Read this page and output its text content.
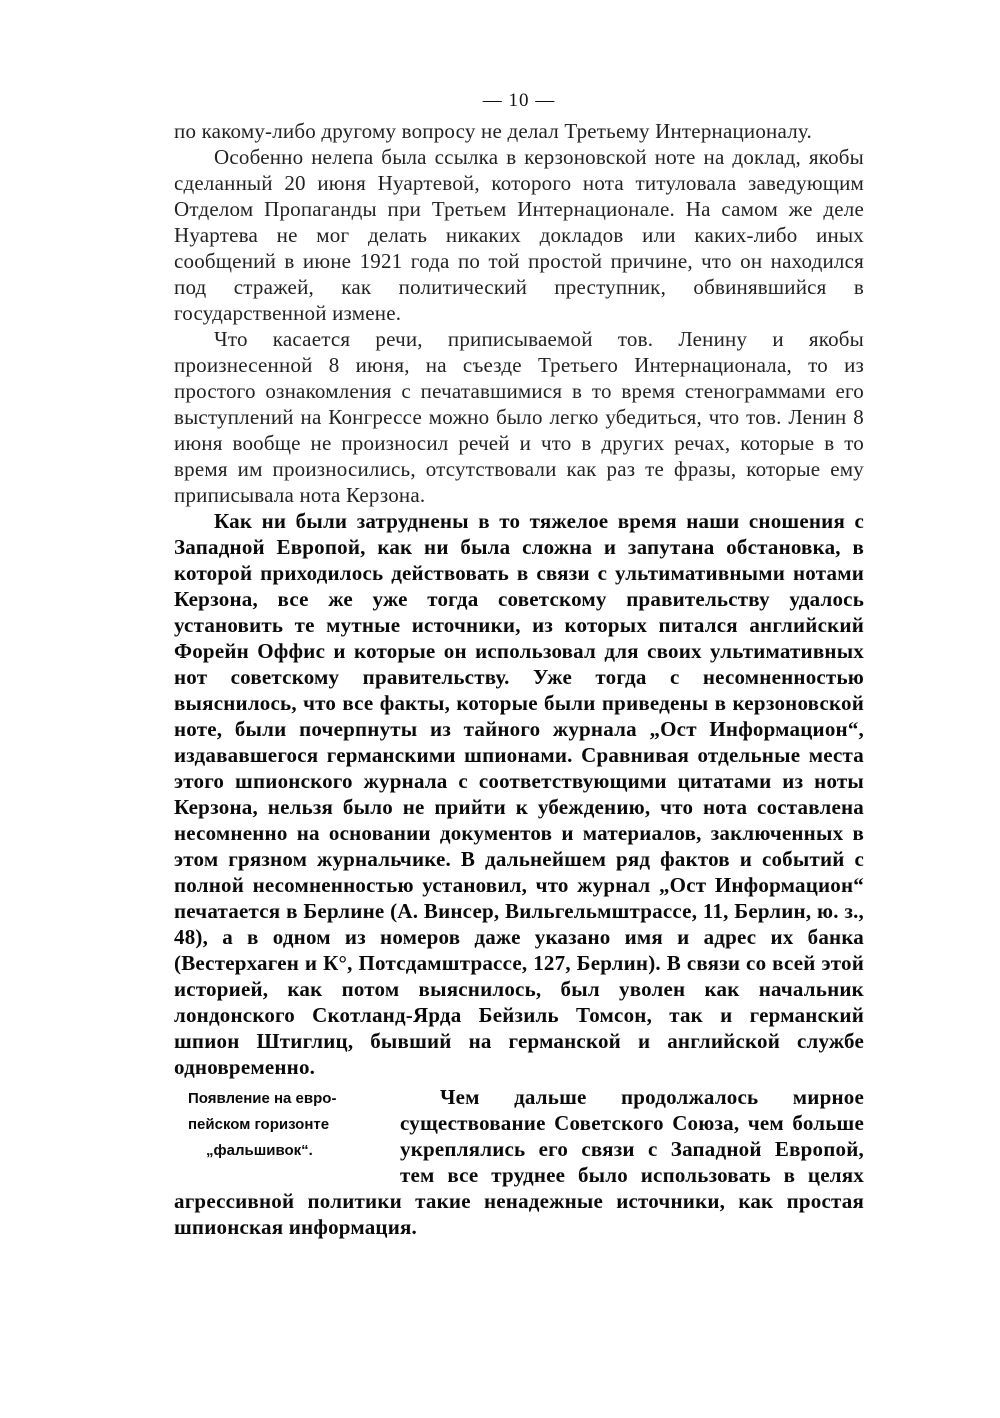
— 10 —

по какому-либо другому вопросу не делал Третьему Интернационалу.

Особенно нелепа была ссылка в керзоновской ноте на доклад, якобы сделанный 20 июня Нуартевой, которого нота титуловала заведующим Отделом Пропаганды при Третьем Интернационале. На самом же деле Нуартева не мог делать никаких докладов или каких-либо иных сообщений в июне 1921 года по той простой причине, что он находился под стражей, как политический преступник, обвинявшийся в государственной измене.

Что касается речи, приписываемой тов. Ленину и якобы произнесенной 8 июня, на съезде Третьего Интернационала, то из простого ознакомления с печатавшимися в то время стенограммами его выступлений на Конгрессе можно было легко убедиться, что тов. Ленин 8 июня вообще не произносил речей и что в других речах, которые в то время им произносились, отсутствовали как раз те фразы, которые ему приписывала нота Керзона.

Как ни были затруднены в то тяжелое время наши сношения с Западной Европой, как ни была сложна и запутана обстановка, в которой приходилось действовать в связи с ультимативными нотами Керзона, все же уже тогда советскому правительству удалось установить те мутные источники, из которых питался английский Форейн Оффис и которые он использовал для своих ультимативных нот советскому правительству. Уже тогда с несомненностью выяснилось, что все факты, которые были приведены в керзоновской ноте, были почерпнуты из тайного журнала „Ост Информацион“, издававшегося германскими шпионами. Сравнивая отдельные места этого шпионского журнала с соответствующими цитатами из ноты Керзона, нельзя было не прийти к убеждению, что нота составлена несомненно на основании документов и материалов, заключенных в этом грязном журнальчике. В дальнейшем ряд фактов и событий с полной несомненностью установил, что журнал „Ост Информацион“ печатается в Берлине (А. Винсер, Вильгельмштрассе, 11, Берлин, ю. з., 48), а в одном из номеров даже указано имя и адрес их банка (Вестерхаген и К°, Потсдамштрассе, 127, Берлин). В связи со всей этой историей, как потом выяснилось, был уволен как начальник лондонского Скотланд-Ярда Бейзиль Томсон, так и германский шпион Штиглиц, бывший на германской и английской службе одновременно.

Появление на евро-
пейском горизонте
„фальшивок“.

Чем дальше продолжалось мирное существование Советского Союза, чем больше укреплялись его связи с Западной Европой, тем все труднее было использовать в целях агрессивной политики такие ненадежные источники, как простая шпионская информация.
